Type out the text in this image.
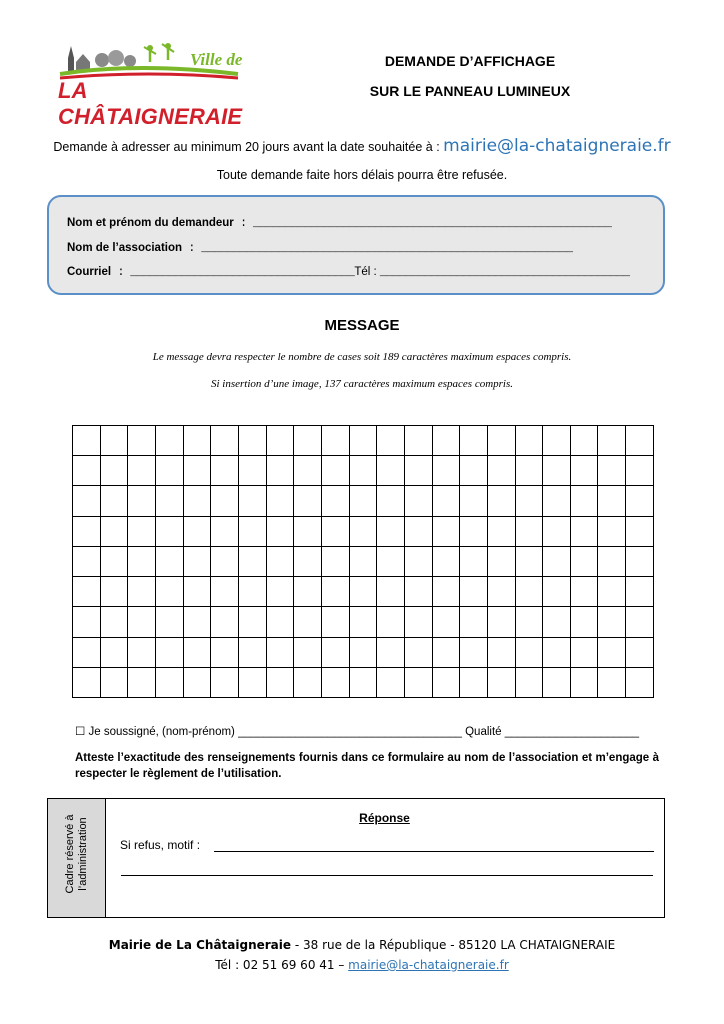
Ville de
LA CHÂTAIGNERAIE
DEMANDE D’AFFICHAGE
SUR LE PANNEAU LUMINEUX
Demande à adresser au minimum 20 jours avant la date souhaitée à : mairie@la-chataigneraie.fr
Toute demande faite hors délais pourra être refusée.
Nom et prénom du demandeur : ________________________________________________________
Nom de l’association : __________________________________________________________
Courriel : ___________________________________Tél : _______________________________________
MESSAGE
Le message devra respecter le nombre de cases soit 189 caractères maximum espaces compris.
Si insertion d’une image, 137 caractères maximum espaces compris.

☐ Je soussigné, (nom-prénom) ___________________________________ Qualité _____________________
Atteste l’exactitude des renseignements fournis dans ce formulaire au nom de l’association et m’engage à respecter le règlement de l’utilisation.
Cadre réservé à l’administration	Réponse
Si refus, motif :
Mairie de La Châtaigneraie - 38 rue de la République - 85120 LA CHATAIGNERAIE
Tél : 02 51 69 60 41 – mairie@la-chataigneraie.fr
